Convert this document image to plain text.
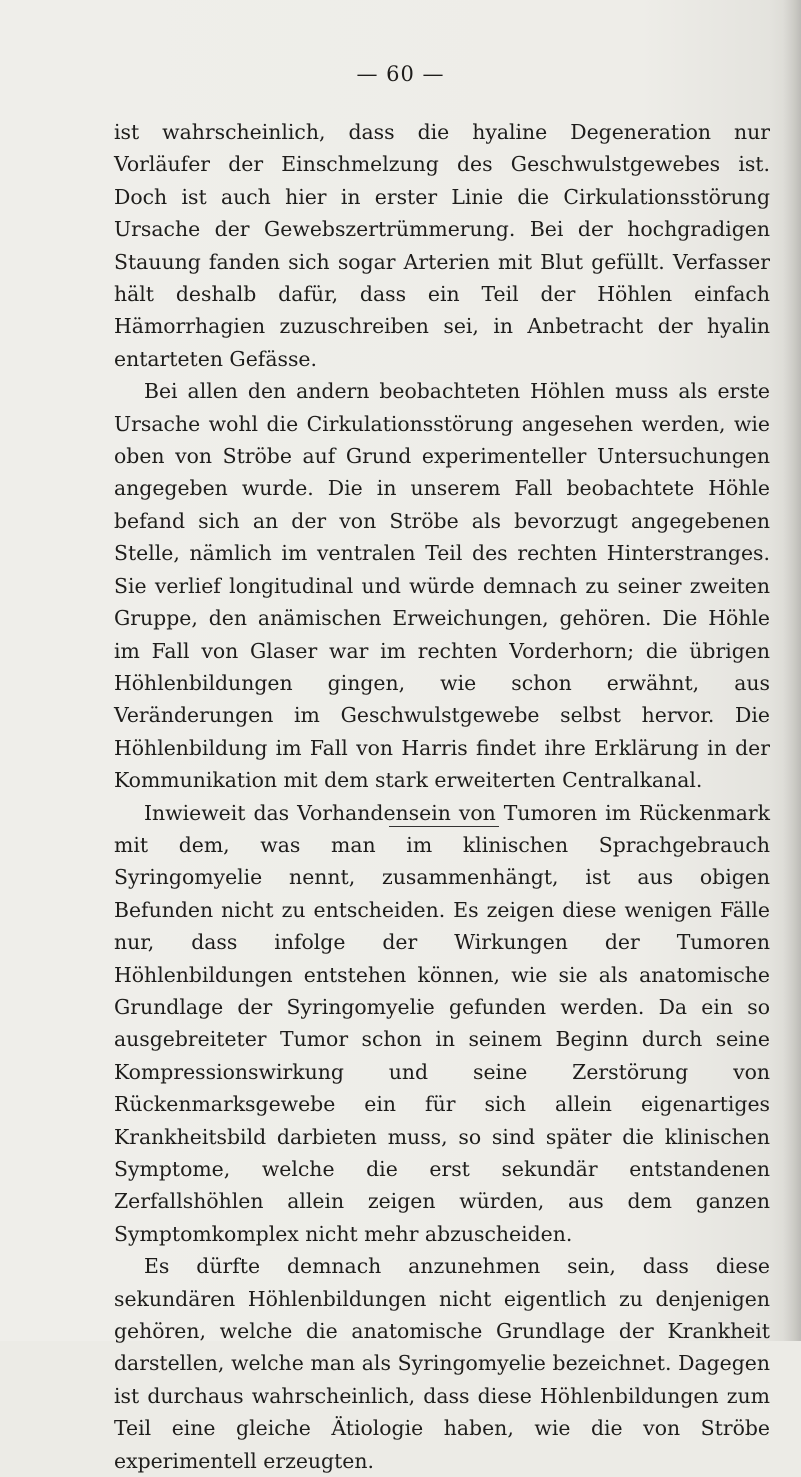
— 60 —

ist wahrscheinlich, dass die hyaline Degeneration nur Vorläufer der Einschmelzung des Geschwulstgewebes ist. Doch ist auch hier in erster Linie die Cirkulationsstörung Ursache der Gewebszertrümmerung. Bei der hochgradigen Stauung fanden sich sogar Arterien mit Blut gefüllt. Verfasser hält deshalb dafür, dass ein Teil der Höhlen einfach Hämorrhagien zuzuschreiben sei, in Anbetracht der hyalin entarteten Gefässe.

Bei allen den andern beobachteten Höhlen muss als erste Ursache wohl die Cirkulationsstörung angesehen werden, wie oben von Ströbe auf Grund experimenteller Untersuchungen angegeben wurde. Die in unserem Fall beobachtete Höhle befand sich an der von Ströbe als bevorzugt angegebenen Stelle, nämlich im ventralen Teil des rechten Hinterstranges. Sie verlief longitudinal und würde demnach zu seiner zweiten Gruppe, den anämischen Erweichungen, gehören. Die Höhle im Fall von Glaser war im rechten Vorderhorn; die übrigen Höhlenbildungen gingen, wie schon erwähnt, aus Veränderungen im Geschwulstgewebe selbst hervor. Die Höhlenbildung im Fall von Harris findet ihre Erklärung in der Kommunikation mit dem stark erweiterten Centralkanal.

Inwieweit das Vorhandensein von Tumoren im Rückenmark mit dem, was man im klinischen Sprachgebrauch Syringomyelie nennt, zusammenhängt, ist aus obigen Befunden nicht zu entscheiden. Es zeigen diese wenigen Fälle nur, dass infolge der Wirkungen der Tumoren Höhlenbildungen entstehen können, wie sie als anatomische Grundlage der Syringomyelie gefunden werden. Da ein so ausgebreiteter Tumor schon in seinem Beginn durch seine Kompressionswirkung und seine Zerstörung von Rückenmarksgewebe ein für sich allein eigenartiges Krankheitsbild darbieten muss, so sind später die klinischen Symptome, welche die erst sekundär entstandenen Zerfallshöhlen allein zeigen würden, aus dem ganzen Symptomkomplex nicht mehr abzuscheiden.

Es dürfte demnach anzunehmen sein, dass diese sekundären Höhlenbildungen nicht eigentlich zu denjenigen gehören, welche die anatomische Grundlage der Krankheit darstellen, welche man als Syringomyelie bezeichnet. Dagegen ist durchaus wahrscheinlich, dass diese Höhlenbildungen zum Teil eine gleiche Ätiologie haben, wie die von Ströbe experimentell erzeugten.
